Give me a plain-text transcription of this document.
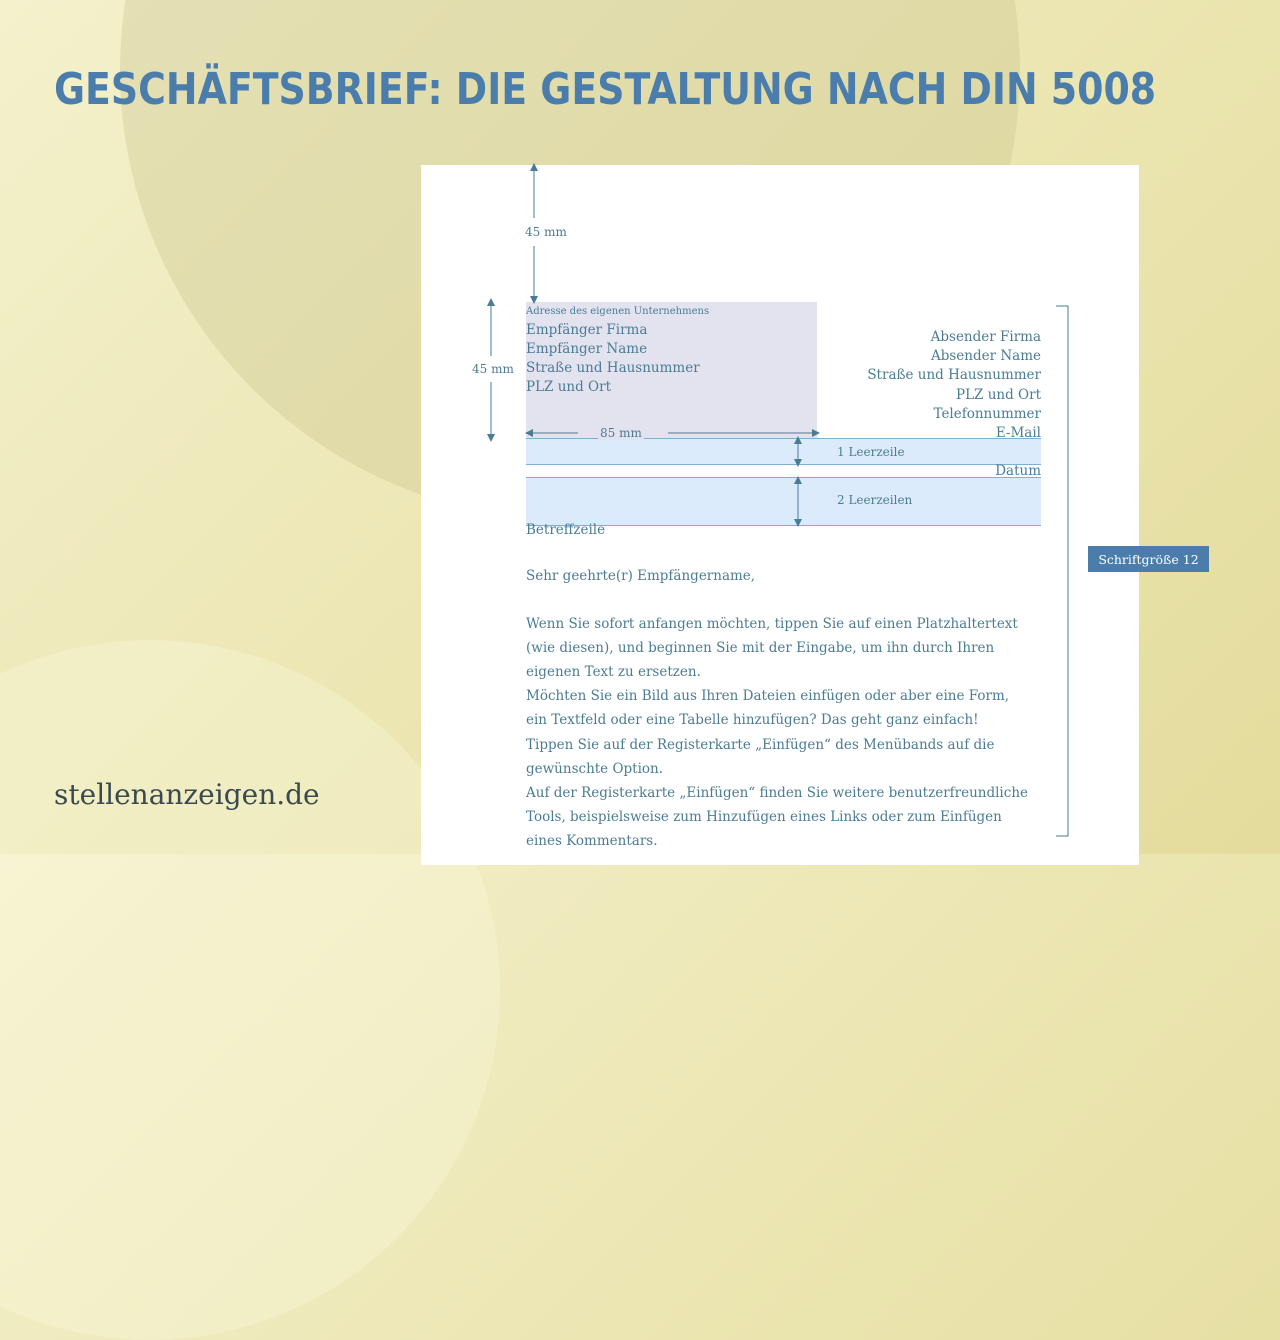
GESCHÄFTSBRIEF: DIE GESTALTUNG NACH DIN 5008
Adresse des eigenen Unternehmens
Empfänger Firma
Empfänger Name
Straße und Hausnummer
PLZ und Ort
Absender Firma
Absender Name
Straße und Hausnummer
PLZ und Ort
Telefonnummer
E-Mail
Datum
45 mm
85 mm
1 Leerzeile
2 Leerzeilen
Betreffzeile
Sehr geehrte(r) Empfängername,
Wenn Sie sofort anfangen möchten, tippen Sie auf einen Platzhaltertext
(wie diesen), und beginnen Sie mit der Eingabe, um ihn durch Ihren
eigenen Text zu ersetzen.
Möchten Sie ein Bild aus Ihren Dateien einfügen oder aber eine Form,
ein Textfeld oder eine Tabelle hinzufügen? Das geht ganz einfach!
Tippen Sie auf der Registerkarte „Einfügen“ des Menübands auf die
gewünschte Option.
Auf der Registerkarte „Einfügen“ finden Sie weitere benutzerfreundliche
Tools, beispielsweise zum Hinzufügen eines Links oder zum Einfügen
eines Kommentars.
45 mm
Schriftgröße 12
stellenanzeigen.de
